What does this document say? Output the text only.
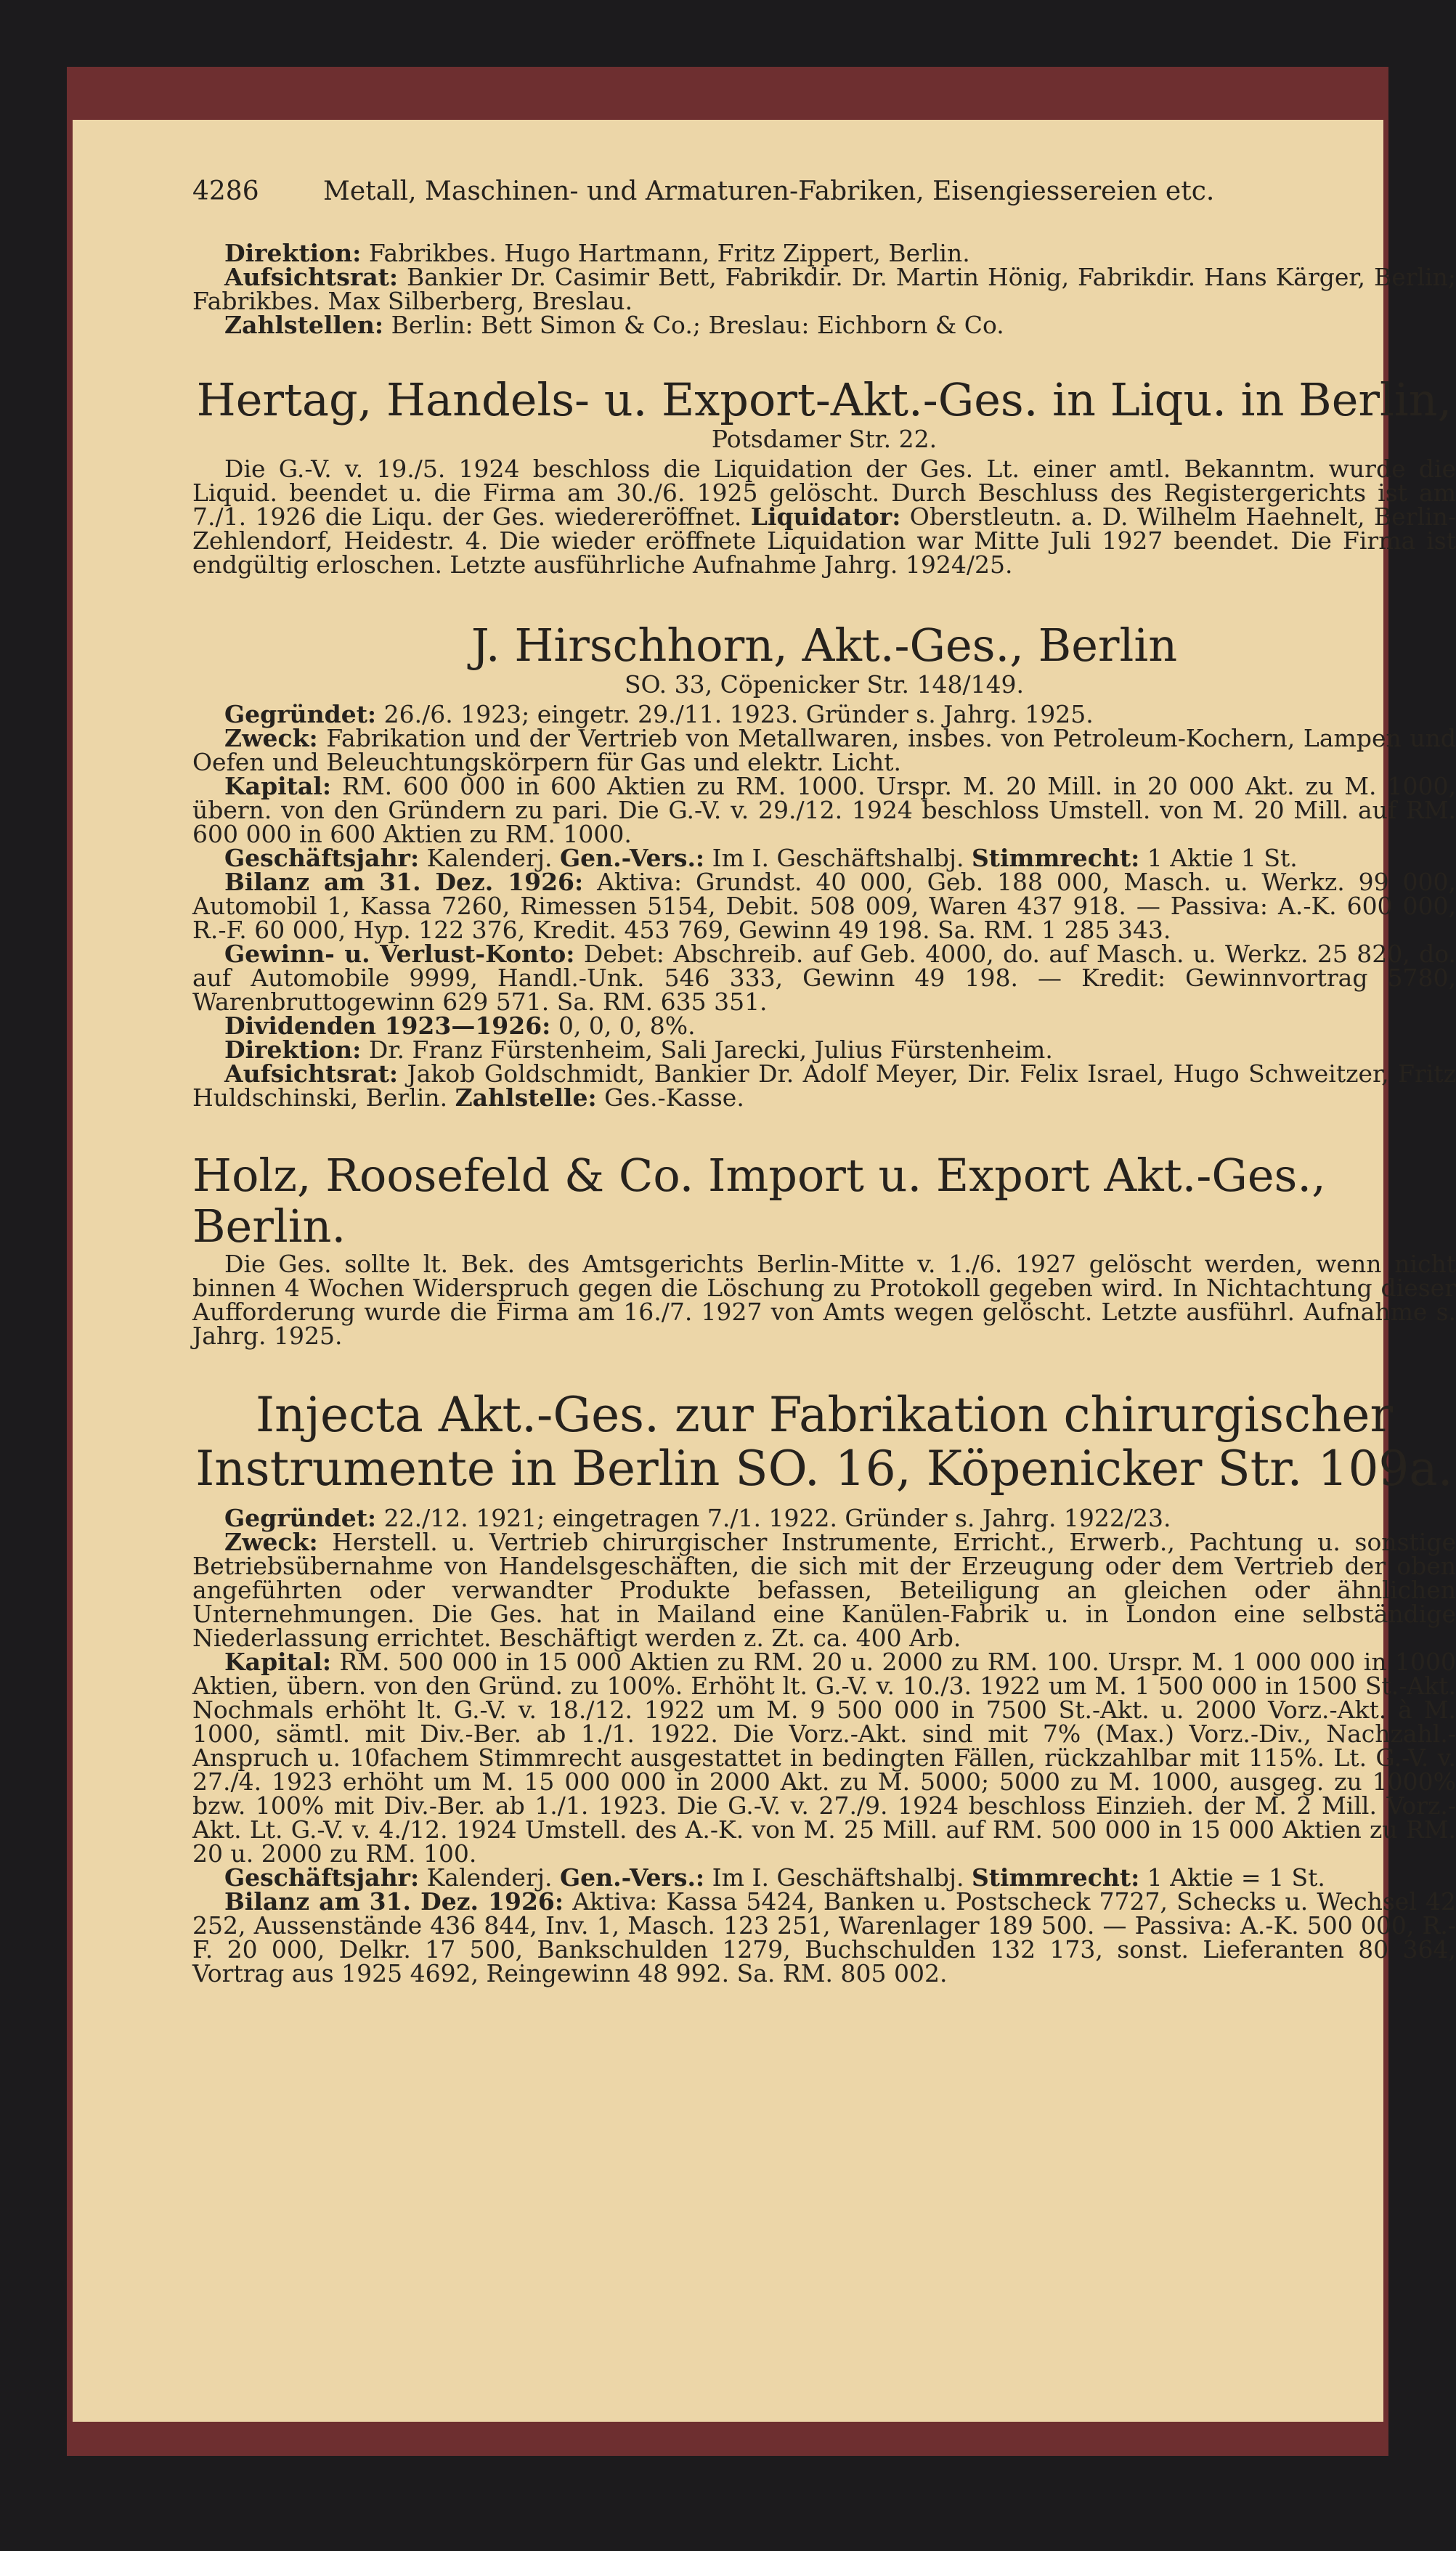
4286	Metall, Maschinen- und Armaturen-Fabriken, Eisengiessereien etc.

Direktion: Fabrikbes. Hugo Hartmann, Fritz Zippert, Berlin.

Aufsichtsrat: Bankier Dr. Casimir Bett, Fabrikdir. Dr. Martin Hönig, Fabrikdir. Hans Kärger, Berlin; Fabrikbes. Max Silberberg, Breslau.

Zahlstellen: Berlin: Bett Simon & Co.; Breslau: Eichborn & Co.

Hertag, Handels- u. Export-Akt.-Ges. in Liqu. in Berlin,
Potsdamer Str. 22.

Die G.-V. v. 19./5. 1924 beschloss die Liquidation der Ges. Lt. einer amtl. Bekanntm. wurde die Liquid. beendet u. die Firma am 30./6. 1925 gelöscht. Durch Beschluss des Registergerichts ist am 7./1. 1926 die Liqu. der Ges. wiedereröffnet. Liquidator: Oberstleutn. a. D. Wilhelm Haehnelt, Berlin-Zehlendorf, Heidestr. 4. Die wieder eröffnete Liquidation war Mitte Juli 1927 beendet. Die Firma ist endgültig erloschen. Letzte ausführliche Aufnahme Jahrg. 1924/25.

J. Hirschhorn, Akt.-Ges., Berlin
SO. 33, Cöpenicker Str. 148/149.

Gegründet: 26./6. 1923; eingetr. 29./11. 1923. Gründer s. Jahrg. 1925.

Zweck: Fabrikation und der Vertrieb von Metallwaren, insbes. von Petroleum-Kochern, Lampen und Oefen und Beleuchtungskörpern für Gas und elektr. Licht.

Kapital: RM. 600 000 in 600 Aktien zu RM. 1000. Urspr. M. 20 Mill. in 20 000 Akt. zu M. 1000, übern. von den Gründern zu pari. Die G.-V. v. 29./12. 1924 beschloss Umstell. von M. 20 Mill. auf RM. 600 000 in 600 Aktien zu RM. 1000.

Geschäftsjahr: Kalenderj. Gen.-Vers.: Im I. Geschäftshalbj. Stimmrecht: 1 Aktie 1 St.

Bilanz am 31. Dez. 1926: Aktiva: Grundst. 40 000, Geb. 188 000, Masch. u. Werkz. 99 000, Automobil 1, Kassa 7260, Rimessen 5154, Debit. 508 009, Waren 437 918. — Passiva: A.-K. 600 000, R.-F. 60 000, Hyp. 122 376, Kredit. 453 769, Gewinn 49 198. Sa. RM. 1 285 343.

Gewinn- u. Verlust-Konto: Debet: Abschreib. auf Geb. 4000, do. auf Masch. u. Werkz. 25 820, do. auf Automobile 9999, Handl.-Unk. 546 333, Gewinn 49 198. — Kredit: Gewinnvortrag 5780, Warenbruttogewinn 629 571. Sa. RM. 635 351.

Dividenden 1923—1926: 0, 0, 0, 8%.

Direktion: Dr. Franz Fürstenheim, Sali Jarecki, Julius Fürstenheim.

Aufsichtsrat: Jakob Goldschmidt, Bankier Dr. Adolf Meyer, Dir. Felix Israel, Hugo Schweitzer, Fritz Huldschinski, Berlin. Zahlstelle: Ges.-Kasse.

Holz, Roosefeld & Co. Import u. Export Akt.-Ges., Berlin.

Die Ges. sollte lt. Bek. des Amtsgerichts Berlin-Mitte v. 1./6. 1927 gelöscht werden, wenn nicht binnen 4 Wochen Widerspruch gegen die Löschung zu Protokoll gegeben wird. In Nichtachtung dieser Aufforderung wurde die Firma am 16./7. 1927 von Amts wegen gelöscht. Letzte ausführl. Aufnahme s. Jahrg. 1925.

Injecta Akt.-Ges. zur Fabrikation chirurgischer
Instrumente in Berlin SO. 16, Köpenicker Str. 109a.

Gegründet: 22./12. 1921; eingetragen 7./1. 1922. Gründer s. Jahrg. 1922/23.

Zweck: Herstell. u. Vertrieb chirurgischer Instrumente, Erricht., Erwerb., Pachtung u. sonstige Betriebsübernahme von Handelsgeschäften, die sich mit der Erzeugung oder dem Vertrieb der oben angeführten oder verwandter Produkte befassen, Beteiligung an gleichen oder ähnlichen Unternehmungen. Die Ges. hat in Mailand eine Kanülen-Fabrik u. in London eine selbständige Niederlassung errichtet. Beschäftigt werden z. Zt. ca. 400 Arb.

Kapital: RM. 500 000 in 15 000 Aktien zu RM. 20 u. 2000 zu RM. 100. Urspr. M. 1 000 000 in 1000 Aktien, übern. von den Gründ. zu 100%. Erhöht lt. G.-V. v. 10./3. 1922 um M. 1 500 000 in 1500 St.-Akt. Nochmals erhöht lt. G.-V. v. 18./12. 1922 um M. 9 500 000 in 7500 St.-Akt. u. 2000 Vorz.-Akt. à M. 1000, sämtl. mit Div.-Ber. ab 1./1. 1922. Die Vorz.-Akt. sind mit 7% (Max.) Vorz.-Div., Nachzahl.-Anspruch u. 10fachem Stimmrecht ausgestattet in bedingten Fällen, rückzahlbar mit 115%. Lt. G.-V. v. 27./4. 1923 erhöht um M. 15 000 000 in 2000 Akt. zu M. 5000; 5000 zu M. 1000, ausgeg. zu 1000% bzw. 100% mit Div.-Ber. ab 1./1. 1923. Die G.-V. v. 27./9. 1924 beschloss Einzieh. der M. 2 Mill. Vorz.-Akt. Lt. G.-V. v. 4./12. 1924 Umstell. des A.-K. von M. 25 Mill. auf RM. 500 000 in 15 000 Aktien zu RM. 20 u. 2000 zu RM. 100.

Geschäftsjahr: Kalenderj. Gen.-Vers.: Im I. Geschäftshalbj. Stimmrecht: 1 Aktie = 1 St.

Bilanz am 31. Dez. 1926: Aktiva: Kassa 5424, Banken u. Postscheck 7727, Schecks u. Wechsel 42 252, Aussenstände 436 844, Inv. 1, Masch. 123 251, Warenlager 189 500. — Passiva: A.-K. 500 000, R.-F. 20 000, Delkr. 17 500, Bankschulden 1279, Buchschulden 132 173, sonst. Lieferanten 80 364, Vortrag aus 1925 4692, Reingewinn 48 992. Sa. RM. 805 002.
